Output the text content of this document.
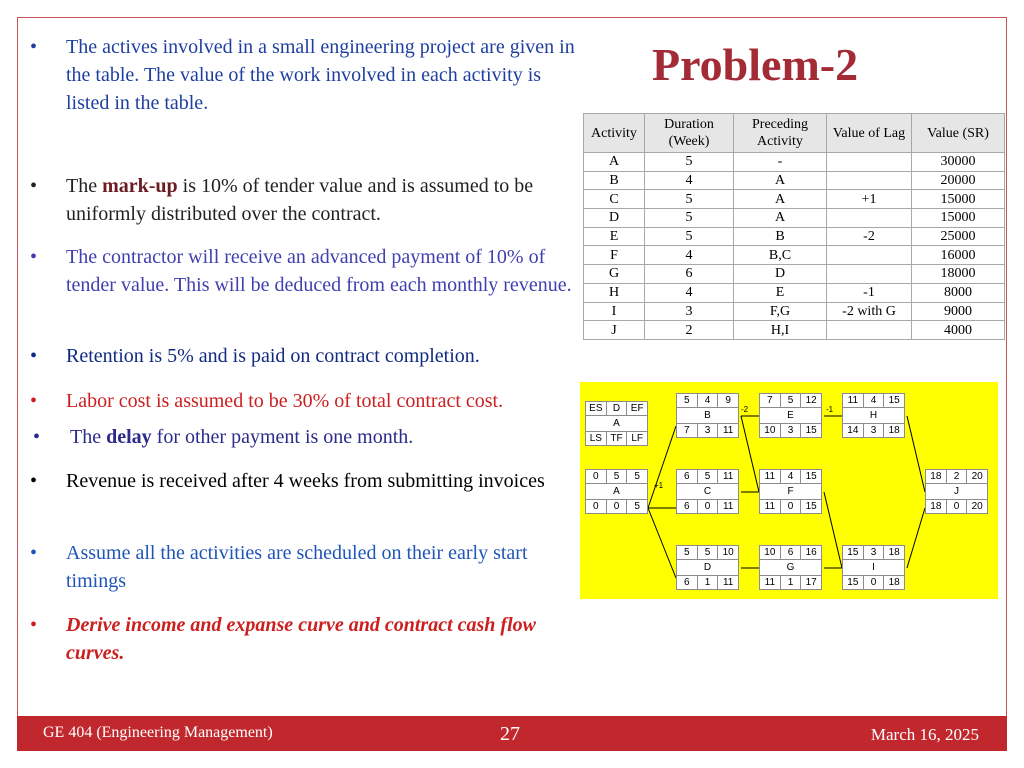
Problem-2
•	The actives involved in a small engineering project are given in the table. The value of the work involved in each activity is listed in the table.
•	The mark-up is 10% of tender value and is assumed to be uniformly distributed over the contract.
•	The contractor will receive an advanced payment of 10% of tender value. This will be deduced from each monthly revenue.
•	Retention is 5% and is paid on contract completion.
•	Labor cost is assumed to be 30% of total contract cost.
•	The delay for other payment is one month.
•	Revenue is received after 4 weeks from submitting invoices
•	Assume all the activities are scheduled on their early start timings
•	Derive income and expanse curve and contract cash flow curves.
Activity	Duration (Week)	Preceding Activity	Value of Lag	Value (SR)
A	5	-		30000
B	4	A		20000
C	5	A	+1	15000
D	5	A		15000
E	5	B	-2	25000
F	4	B,C		16000
G	6	D		18000
H	4	E	-1	8000
I	3	F,G	-2 with G	9000
J	2	H,I		4000
+1
-2	-1
ES	D	EF
A
LS TF LF
0	5	5
A
0	0	5
5	4	9
B
7	3	11
6	5	11
C
6	0	11
5	5	10
D
6	1	11
7	5	12
E
10	3	15
11	4	15
F
11	0	15
10	6	16
G
11	1	17
11	4	15
H
14	3	18
15	3	18
I
15	0	18
18	2	20
J
18	0	20
GE 404 (Engineering Management)	27	March 16, 2025
